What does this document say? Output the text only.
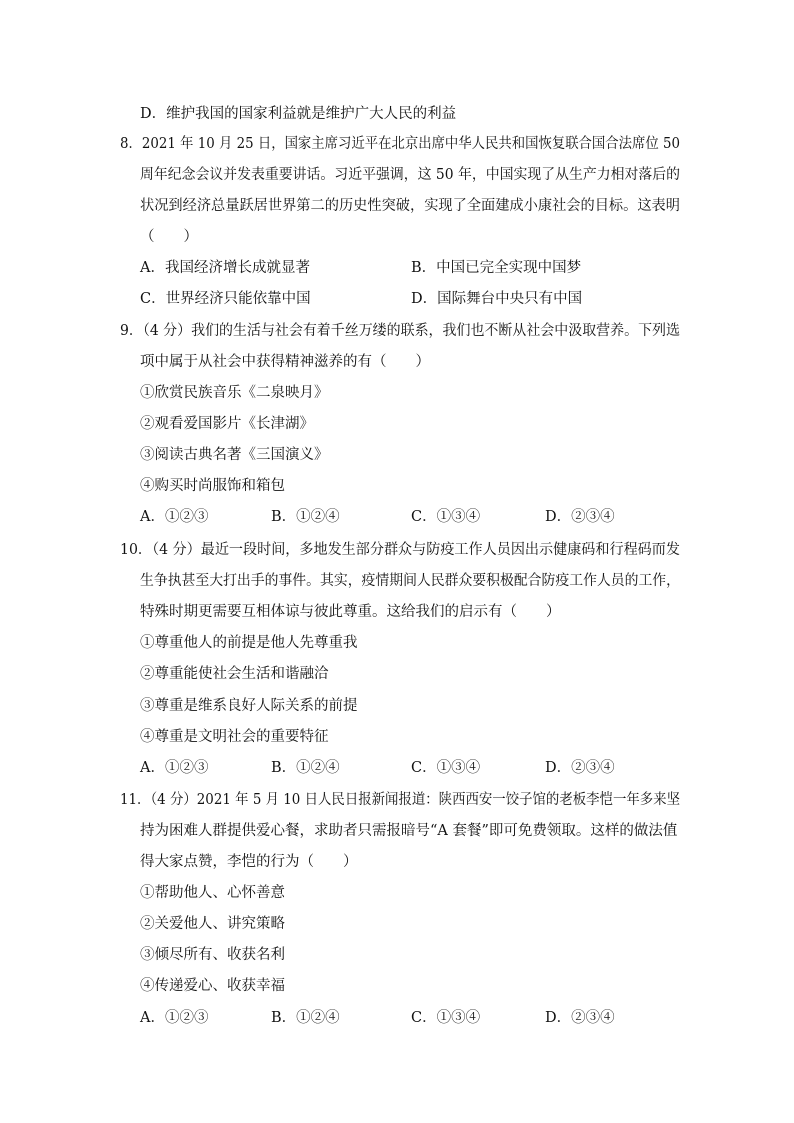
D．维护我国的国家利益就是维护广大人民的利益
8．2021 年 10 月 25 日，国家主席习近平在北京出席中华人民共和国恢复联合国合法席位 50
周年纪念会议并发表重要讲话。习近平强调，这 50 年，中国实现了从生产力相对落后的
状况到经济总量跃居世界第二的历史性突破，实现了全面建成小康社会的目标。这表明
（　　）
A．我国经济增长成就显著	B．中国已完全实现中国梦
C．世界经济只能依靠中国	D．国际舞台中央只有中国
9．（4 分）我们的生活与社会有着千丝万缕的联系，我们也不断从社会中汲取营养。下列选
项中属于从社会中获得精神滋养的有（　　）
①欣赏民族音乐《二泉映月》
②观看爱国影片《长津湖》
③阅读古典名著《三国演义》
④购买时尚服饰和箱包
A．①②③	B．①②④	C．①③④	D．②③④
10．（4 分）最近一段时间，多地发生部分群众与防疫工作人员因出示健康码和行程码而发
生争执甚至大打出手的事件。其实，疫情期间人民群众要积极配合防疫工作人员的工作，
特殊时期更需要互相体谅与彼此尊重。这给我们的启示有（　　）
①尊重他人的前提是他人先尊重我
②尊重能使社会生活和谐融洽
③尊重是维系良好人际关系的前提
④尊重是文明社会的重要特征
A．①②③	B．①②④	C．①③④	D．②③④
11．（4 分）2021 年 5 月 10 日人民日报新闻报道：陕西西安一饺子馆的老板李恺一年多来坚
持为困难人群提供爱心餐，求助者只需报暗号“A 套餐”即可免费领取。这样的做法值
得大家点赞，李恺的行为（　　）
①帮助他人、心怀善意
②关爱他人、讲究策略
③倾尽所有、收获名利
④传递爱心、收获幸福
A．①②③	B．①②④	C．①③④	D．②③④
